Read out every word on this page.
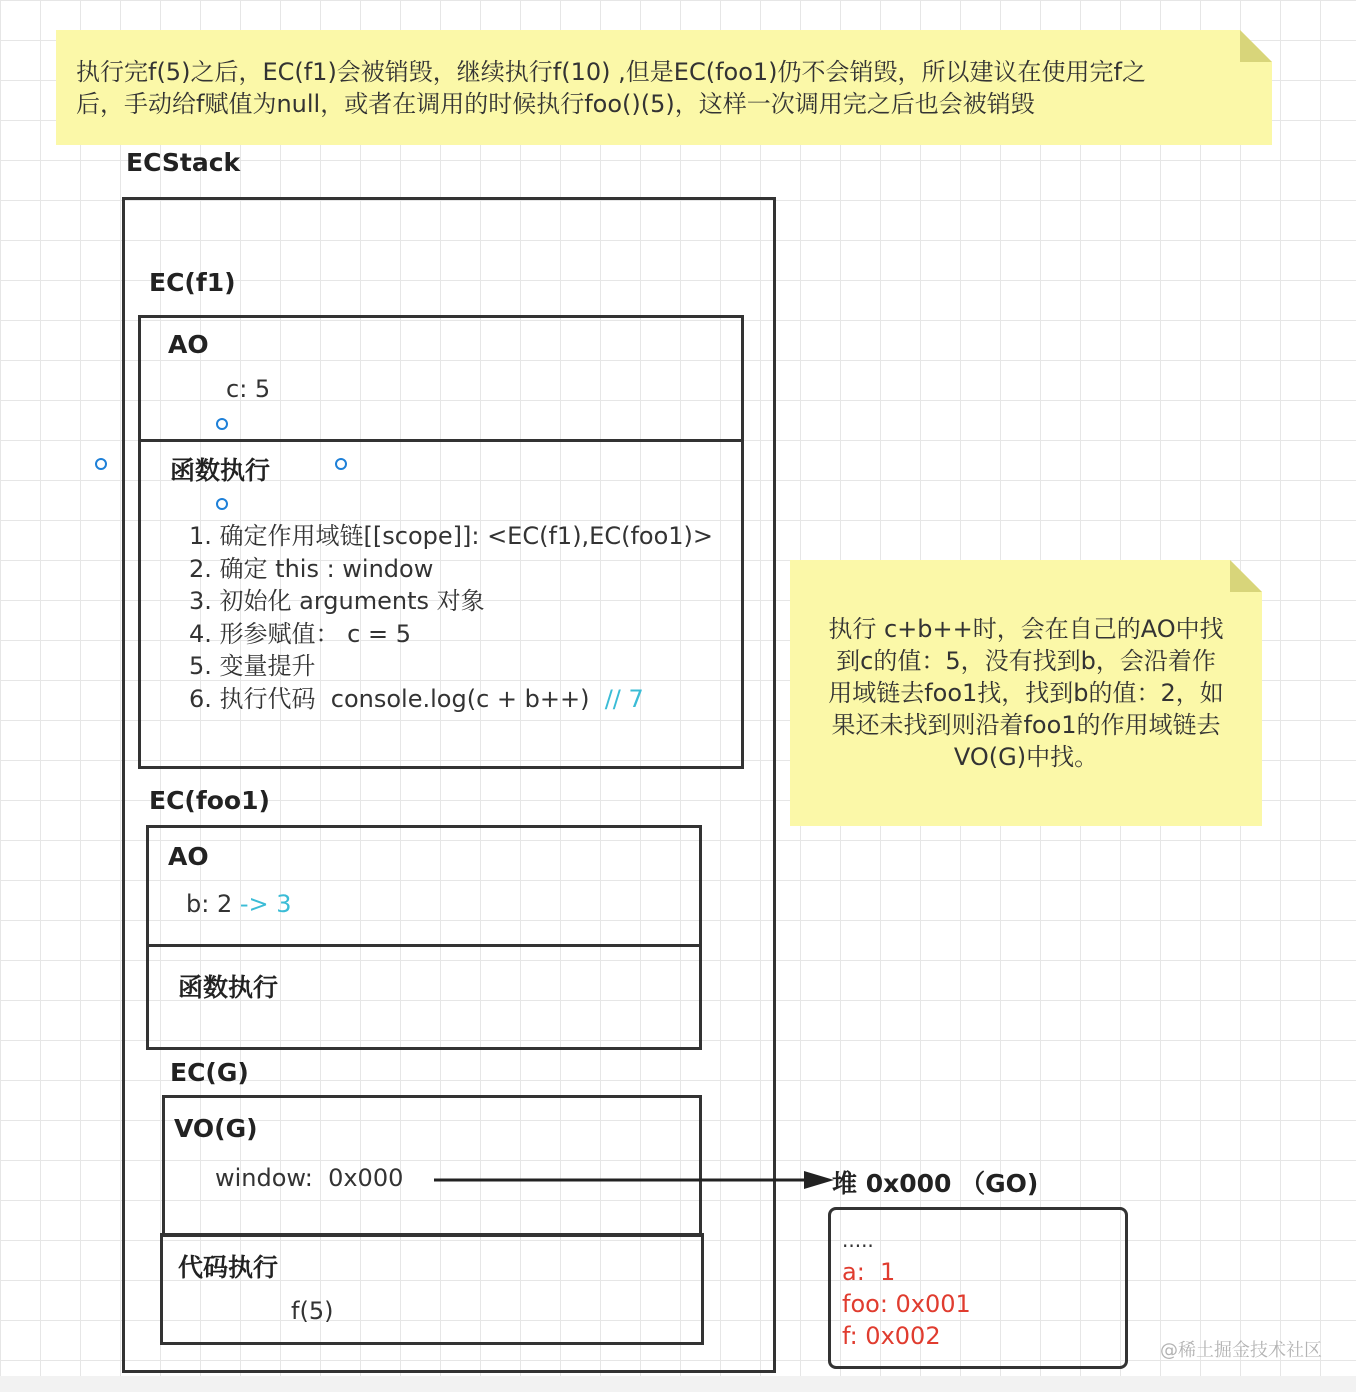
执行完f(5)之后，EC(f1)会被销毁，继续执行f(10) ,但是EC(foo1)仍不会销毁，所以建议在使用完f之
后，手动给f赋值为null，或者在调用的时候执行foo()(5)，这样一次调用完之后也会被销毁
ECStack
EC(f1)
AO
c: 5
函数执行
1. 确定作用域链[[scope]]: <EC(f1),EC(foo1)>
2. 确定 this : window
3. 初始化 arguments 对象
4. 形参赋值： c = 5
5. 变量提升
6. 执行代码  console.log(c + b++)  // 7
EC(foo1)
AO
b: 2 -> 3
函数执行
EC(G)
VO(G)
window:  0x000
代码执行
f(5)
堆 0x000 （GO)
.....
a:  1
foo: 0x001
f: 0x002
执行 c+b++时，会在自己的AO中找
到c的值：5，没有找到b，会沿着作
用域链去foo1找，找到b的值：2，如
果还未找到则沿着foo1的作用域链去
VO(G)中找。
@稀土掘金技术社区
